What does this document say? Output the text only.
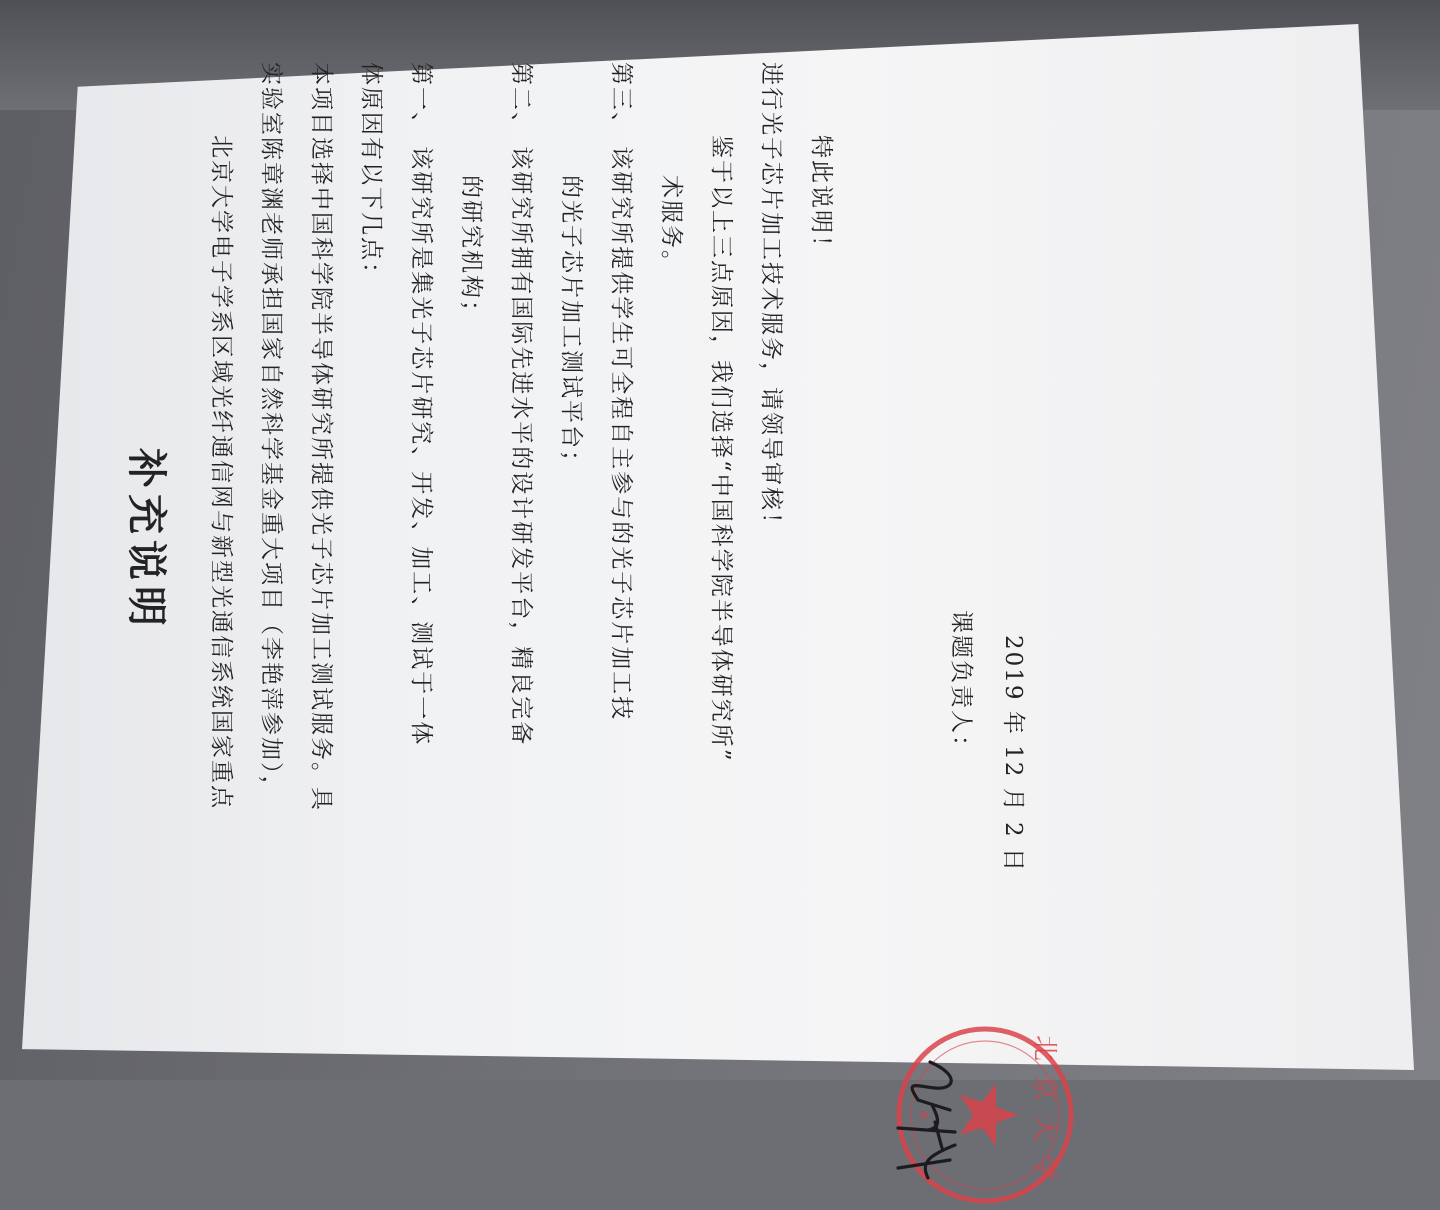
补充说明	北京大学电子学系区域光纤通信网与新型光通信系统国家重点 实验室陈章渊老师承担国家自然科学基金重大项目（李艳萍参加）， 本项目选择中国科学院半导体研究所提供光子芯片加工测试服务。具 体原因有以下几点： 第一、 该研究所是集光子芯片研究、开发、加工、测试于一体 的研究机构； 第二、 该研究所拥有国际先进水平的设计研发平台，精良完备 的光子芯片加工测试平台； 第三、 该研究所提供学生可全程自主参与的光子芯片加工技 术服务。 鉴于以上三点原因，我们选择“中国科学院半导体研究所” 进行光子芯片加工技术服务，请领导审核！ 特此说明！
课题负责人： 2019 年 12 月 2 日
北京大学
★
